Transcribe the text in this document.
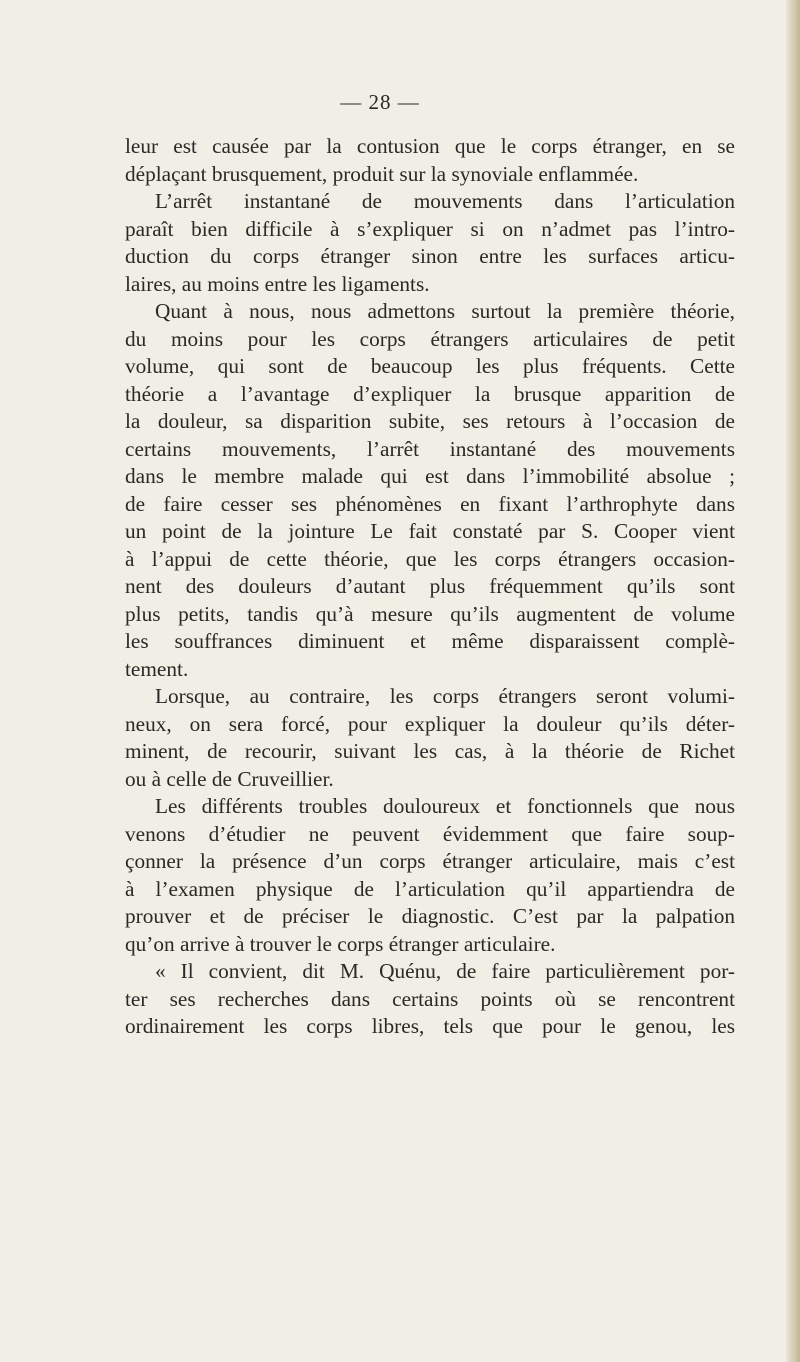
— 28 —
leur est causée par la contusion que le corps étranger, en se
déplaçant brusquement, produit sur la synoviale enflammée.
L’arrêt instantané de mouvements dans l’articulation
paraît bien difficile à s’expliquer si on n’admet pas l’intro-
duction du corps étranger sinon entre les surfaces articu-
laires, au moins entre les ligaments.
Quant à nous, nous admettons surtout la première théorie,
du moins pour les corps étrangers articulaires de petit
volume, qui sont de beaucoup les plus fréquents. Cette
théorie a l’avantage d’expliquer la brusque apparition de
la douleur, sa disparition subite, ses retours à l’occasion de
certains mouvements, l’arrêt instantané des mouvements
dans le membre malade qui est dans l’immobilité absolue ;
de faire cesser ses phénomènes en fixant l’arthrophyte dans
un point de la jointure Le fait constaté par S. Cooper vient
à l’appui de cette théorie, que les corps étrangers occasion-
nent des douleurs d’autant plus fréquemment qu’ils sont
plus petits, tandis qu’à mesure qu’ils augmentent de volume
les souffrances diminuent et même disparaissent complè-
tement.
Lorsque, au contraire, les corps étrangers seront volumi-
neux, on sera forcé, pour expliquer la douleur qu’ils déter-
minent, de recourir, suivant les cas, à la théorie de Richet
ou à celle de Cruveillier.
Les différents troubles douloureux et fonctionnels que nous
venons d’étudier ne peuvent évidemment que faire soup-
çonner la présence d’un corps étranger articulaire, mais c’est
à l’examen physique de l’articulation qu’il appartiendra de
prouver et de préciser le diagnostic. C’est par la palpation
qu’on arrive à trouver le corps étranger articulaire.
« Il convient, dit M. Quénu, de faire particulièrement por-
ter ses recherches dans certains points où se rencontrent
ordinairement les corps libres, tels que pour le genou, les
